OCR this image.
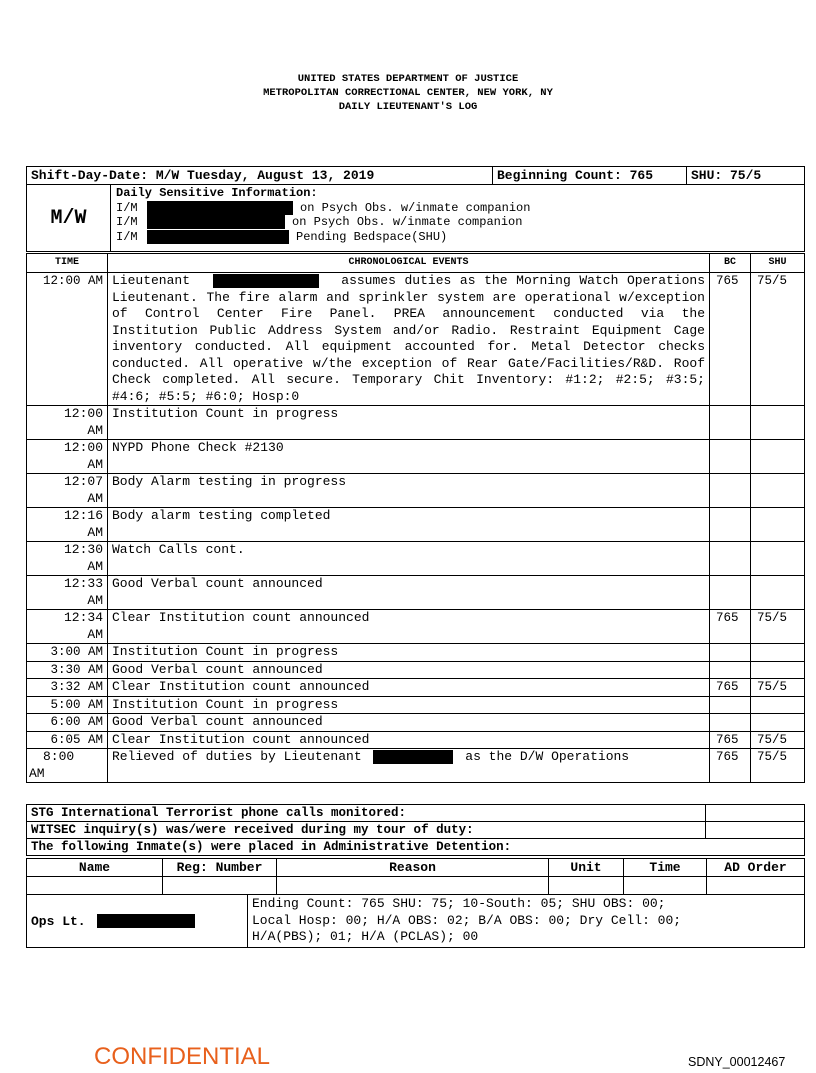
UNITED STATES DEPARTMENT OF JUSTICE
METROPOLITAN CORRECTIONAL CENTER, NEW YORK, NY
DAILY LIEUTENANT'S LOG
Shift-Day-Date: M/W Tuesday, August 13, 2019	Beginning Count: 765	SHU: 75/5
M/W	
Daily Sensitive Information:
I/M	on Psych Obs. w/inmate companion
I/M	on Psych Obs. w/inmate companion
I/M	Pending Bedspace(SHU)
TIME	CHRONOLOGICAL EVENTS	BC	SHU
12:00 AM	Lieutenant assumes duties as the Morning Watch Operations Lieutenant. The fire alarm and sprinkler system are operational w/exception of Control Center Fire Panel. PREA announcement conducted via the Institution Public Address System and/or Radio. Restraint Equipment Cage inventory conducted. All equipment accounted for. Metal Detector checks conducted. All operative w/the exception of Rear Gate/Facilities/R&D. Roof Check completed. All secure. Temporary Chit Inventory: #1:2; #2:5; #3:5; #4:6; #5:5; #6:0; Hosp:0	765	75/5

12:00
AM	Institution Count in progress		

12:00
AM	NYPD Phone Check #2130		

12:07
AM	Body Alarm testing in progress		

12:16
AM	Body alarm testing completed		

12:30
AM	Watch Calls cont.		

12:33
AM	Good Verbal count announced		

12:34
AM	Clear Institution count announced	765	75/5
3:00 AM	Institution Count in progress		
3:30 AM	Good Verbal count announced		
3:32 AM	Clear Institution count announced	765	75/5
5:00 AM	Institution Count in progress		
6:00 AM	Good Verbal count announced		
6:05 AM	Clear Institution count announced	765	75/5

8:00
AM	Relieved of duties by Lieutenant as the D/W Operations	765	75/5
STG International Terrorist phone calls monitored:	
WITSEC inquiry(s) was/were received during my tour of duty:	
The following Inmate(s) were placed in Administrative Detention:	
Name	Reg: Number	Reason	Unit	Time	AD Order

Ops Lt.	
Ending Count: 765 SHU: 75; 10-South: 05; SHU OBS: 00;
Local Hosp: 00; H/A OBS: 02; B/A OBS: 00; Dry Cell: 00;
H/A(PBS); 01; H/A (PCLAS); 00
CONFIDENTIAL	SDNY_00012467
